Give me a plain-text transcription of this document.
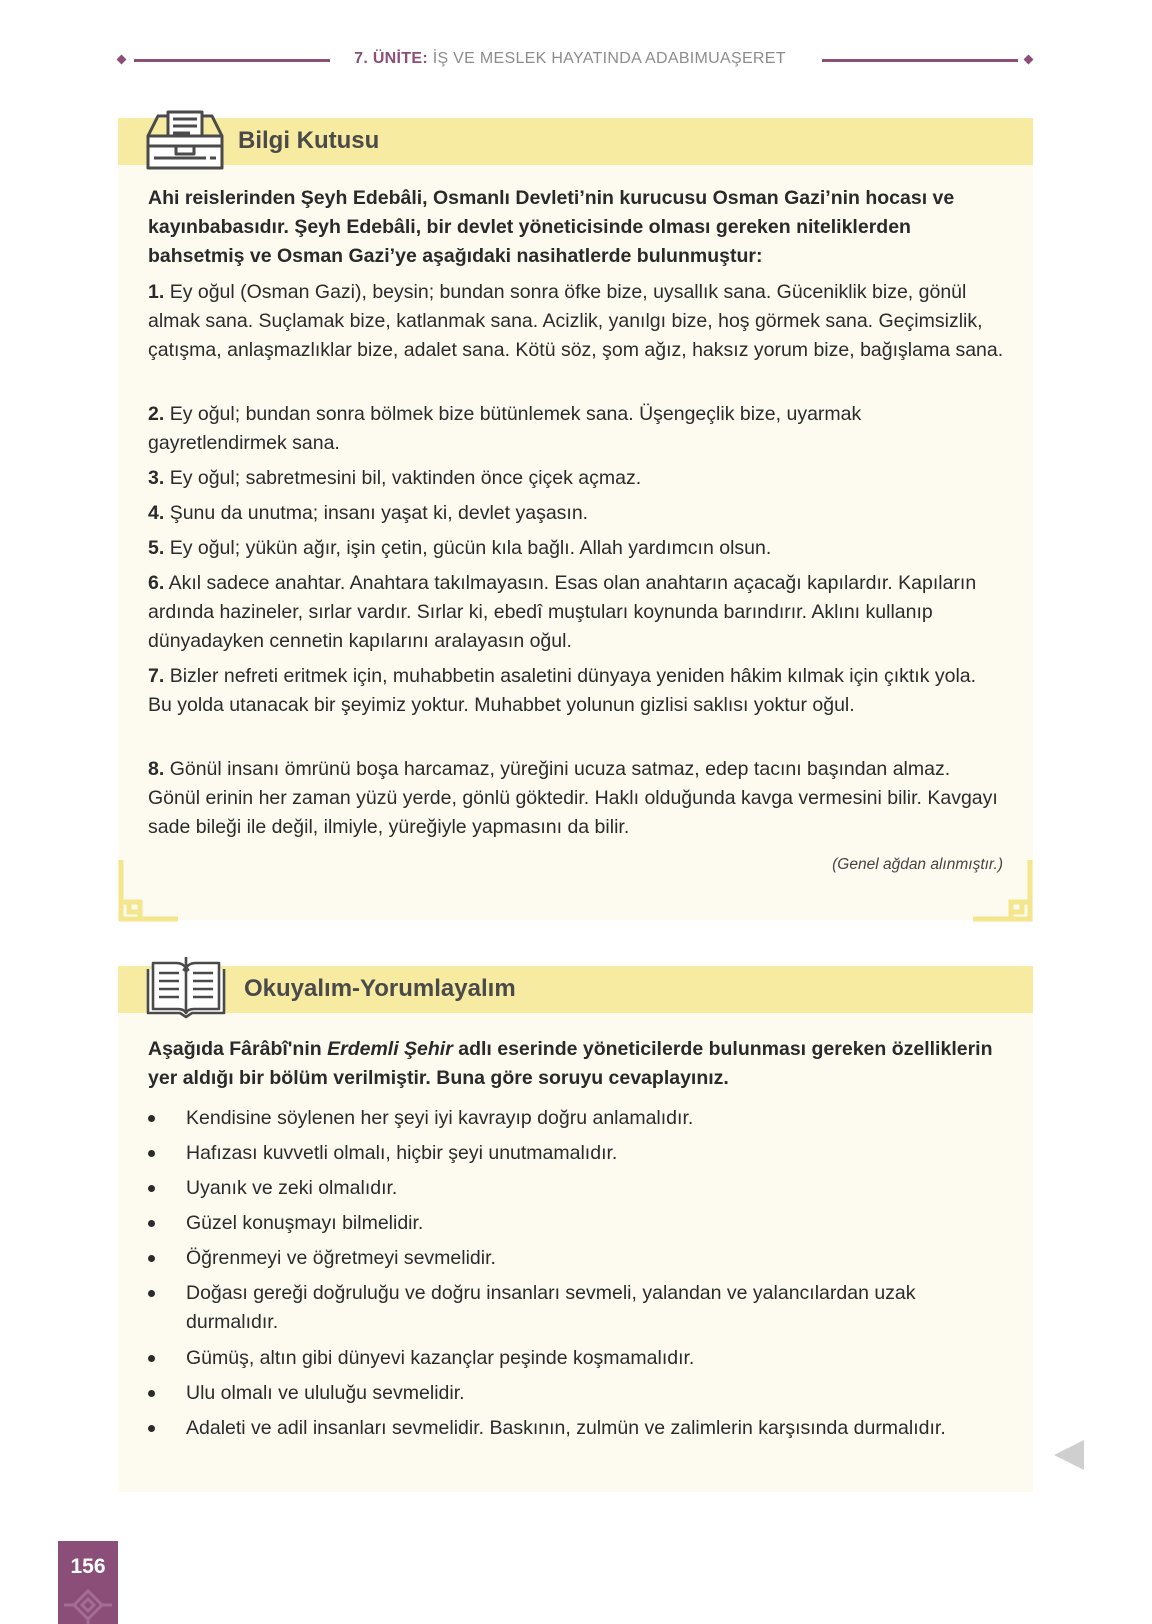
7. ÜNİTE: İŞ VE MESLEK HAYATINDA ADABIMUAŞERET
Bilgi Kutusu

Ahi reislerinden Şeyh Edebâli, Osmanlı Devleti’nin kurucusu Osman Gazi’nin hocası ve kayınbabasıdır. Şeyh Edebâli, bir devlet yöneticisinde olması gereken niteliklerden bahsetmiş ve Osman Gazi’ye aşağıdaki nasihatlerde bulunmuştur:

1. Ey oğul (Osman Gazi), beysin; bundan sonra öfke bize, uysallık sana. Güceniklik bize, gönül almak sana. Suçlamak bize, katlanmak sana. Acizlik, yanılgı bize, hoş görmek sana. Geçimsizlik, çatışma, anlaşmazlıklar bize, adalet sana. Kötü söz, şom ağız, haksız yorum bize, bağışlama sana.

2. Ey oğul; bundan sonra bölmek bize bütünlemek sana. Üşengeçlik bize, uyarmak gayretlendirmek sana.

3. Ey oğul; sabretmesini bil, vaktinden önce çiçek açmaz.

4. Şunu da unutma; insanı yaşat ki, devlet yaşasın.

5. Ey oğul; yükün ağır, işin çetin, gücün kıla bağlı. Allah yardımcın olsun.

6. Akıl sadece anahtar. Anahtara takılmayasın. Esas olan anahtarın açacağı kapılardır. Kapıların ardında hazineler, sırlar vardır. Sırlar ki, ebedî muştuları koynunda barındırır. Aklını kullanıp dünyadayken cennetin kapılarını aralayasın oğul.

7. Bizler nefreti eritmek için, muhabbetin asaletini dünyaya yeniden hâkim kılmak için çıktık yola. Bu yolda utanacak bir şeyimiz yoktur. Muhabbet yolunun gizlisi saklısı yoktur oğul.

8. Gönül insanı ömrünü boşa harcamaz, yüreğini ucuza satmaz, edep tacını başından almaz. Gönül erinin her zaman yüzü yerde, gönlü göktedir. Haklı olduğunda kavga vermesini bilir. Kavgayı sade bileği ile değil, ilmiyle, yüreğiyle yapmasını da bilir.

(Genel ağdan alınmıştır.)
Okuyalım-Yorumlayalım

Aşağıda Fârâbî'nin Erdemli Şehir adlı eserinde yöneticilerde bulunması gereken özelliklerin yer aldığı bir bölüm verilmiştir. Buna göre soruyu cevaplayınız.

Kendisine söylenen her şeyi iyi kavrayıp doğru anlamalıdır.
Hafızası kuvvetli olmalı, hiçbir şeyi unutmamalıdır.
Uyanık ve zeki olmalıdır.
Güzel konuşmayı bilmelidir.
Öğrenmeyi ve öğretmeyi sevmelidir.
Doğası gereği doğruluğu ve doğru insanları sevmeli, yalandan ve yalancılardan uzak durmalıdır.
Gümüş, altın gibi dünyevi kazançlar peşinde koşmamalıdır.
Ulu olmalı ve ululuğu sevmelidir.
Adaleti ve adil insanları sevmelidir. Baskının, zulmün ve zalimlerin karşısında durmalıdır.
156
